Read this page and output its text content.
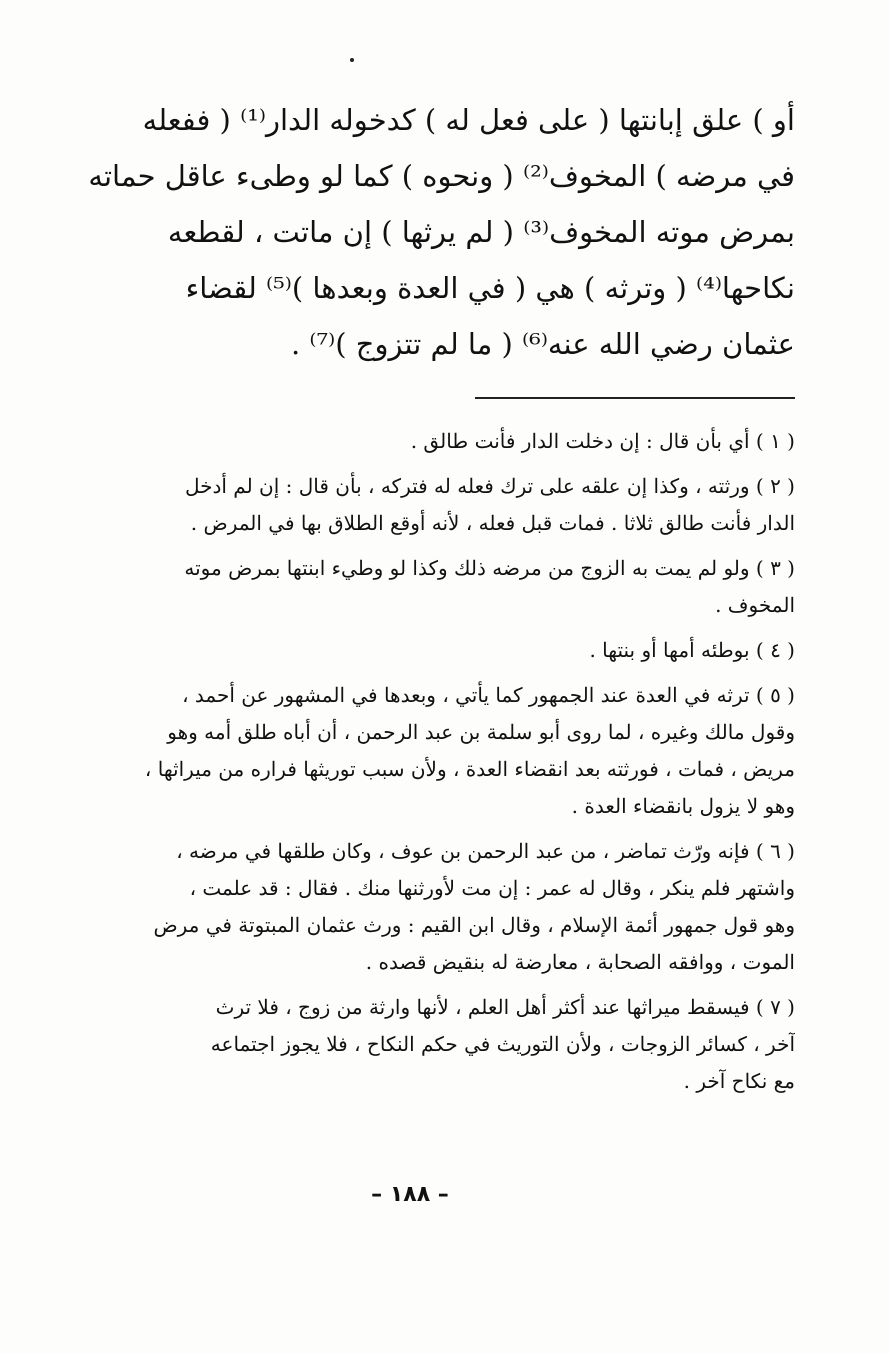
أو ) علق إبانتها ( على فعل له ) كدخوله الدار⁽¹⁾ ( ففعله
في مرضه ) المخوف⁽²⁾ ( ونحوه ) كما لو وطىء عاقل حماته
بمرض موته المخوف⁽³⁾ ( لم يرثها ) إن ماتت ، لقطعه
نكاحها⁽⁴⁾ ( وترثه ) هي ( في العدة وبعدها )⁽⁵⁾ لقضاء
عثمان رضي الله عنه⁽⁶⁾ ( ما لم تتزوج )⁽⁷⁾ .
( ١ ) أي بأن قال : إن دخلت الدار فأنت طالق .
( ٢ ) ورثته ، وكذا إن علقه على ترك فعله له فتركه ، بأن قال : إن لم أدخل
الدار فأنت طالق ثلاثا . فمات قبل فعله ، لأنه أوقع الطلاق بها في المرض .
( ٣ ) ولو لم يمت به الزوج من مرضه ذلك وكذا لو وطيء ابنتها بمرض موته
المخوف .
( ٤ ) بوطئه أمها أو بنتها .
( ٥ ) ترثه في العدة عند الجمهور كما يأتي ، وبعدها في المشهور عن أحمد ،
وقول مالك وغيره ، لما روى أبو سلمة بن عبد الرحمن ، أن أباه طلق أمه وهو
مريض ، فمات ، فورثته بعد انقضاء العدة ، ولأن سبب توريثها فراره من ميراثها ،
وهو لا يزول بانقضاء العدة .
( ٦ ) فإنه ورّث تماضر ، من عبد الرحمن بن عوف ، وكان طلقها في مرضه ،
واشتهر فلم ينكر ، وقال له عمر : إن مت لأورثنها منك . فقال : قد علمت ،
وهو قول جمهور أئمة الإسلام ، وقال ابن القيم : ورث عثمان المبتوتة في مرض
الموت ، ووافقه الصحابة ، معارضة له بنقيض قصده .
( ٧ ) فيسقط ميراثها عند أكثر أهل العلم ، لأنها وارثة من زوج ، فلا ترث
آخر ، كسائر الزوجات ، ولأن التوريث في حكم النكاح ، فلا يجوز اجتماعه
مع نكاح آخر .
– ١٨٨ –
